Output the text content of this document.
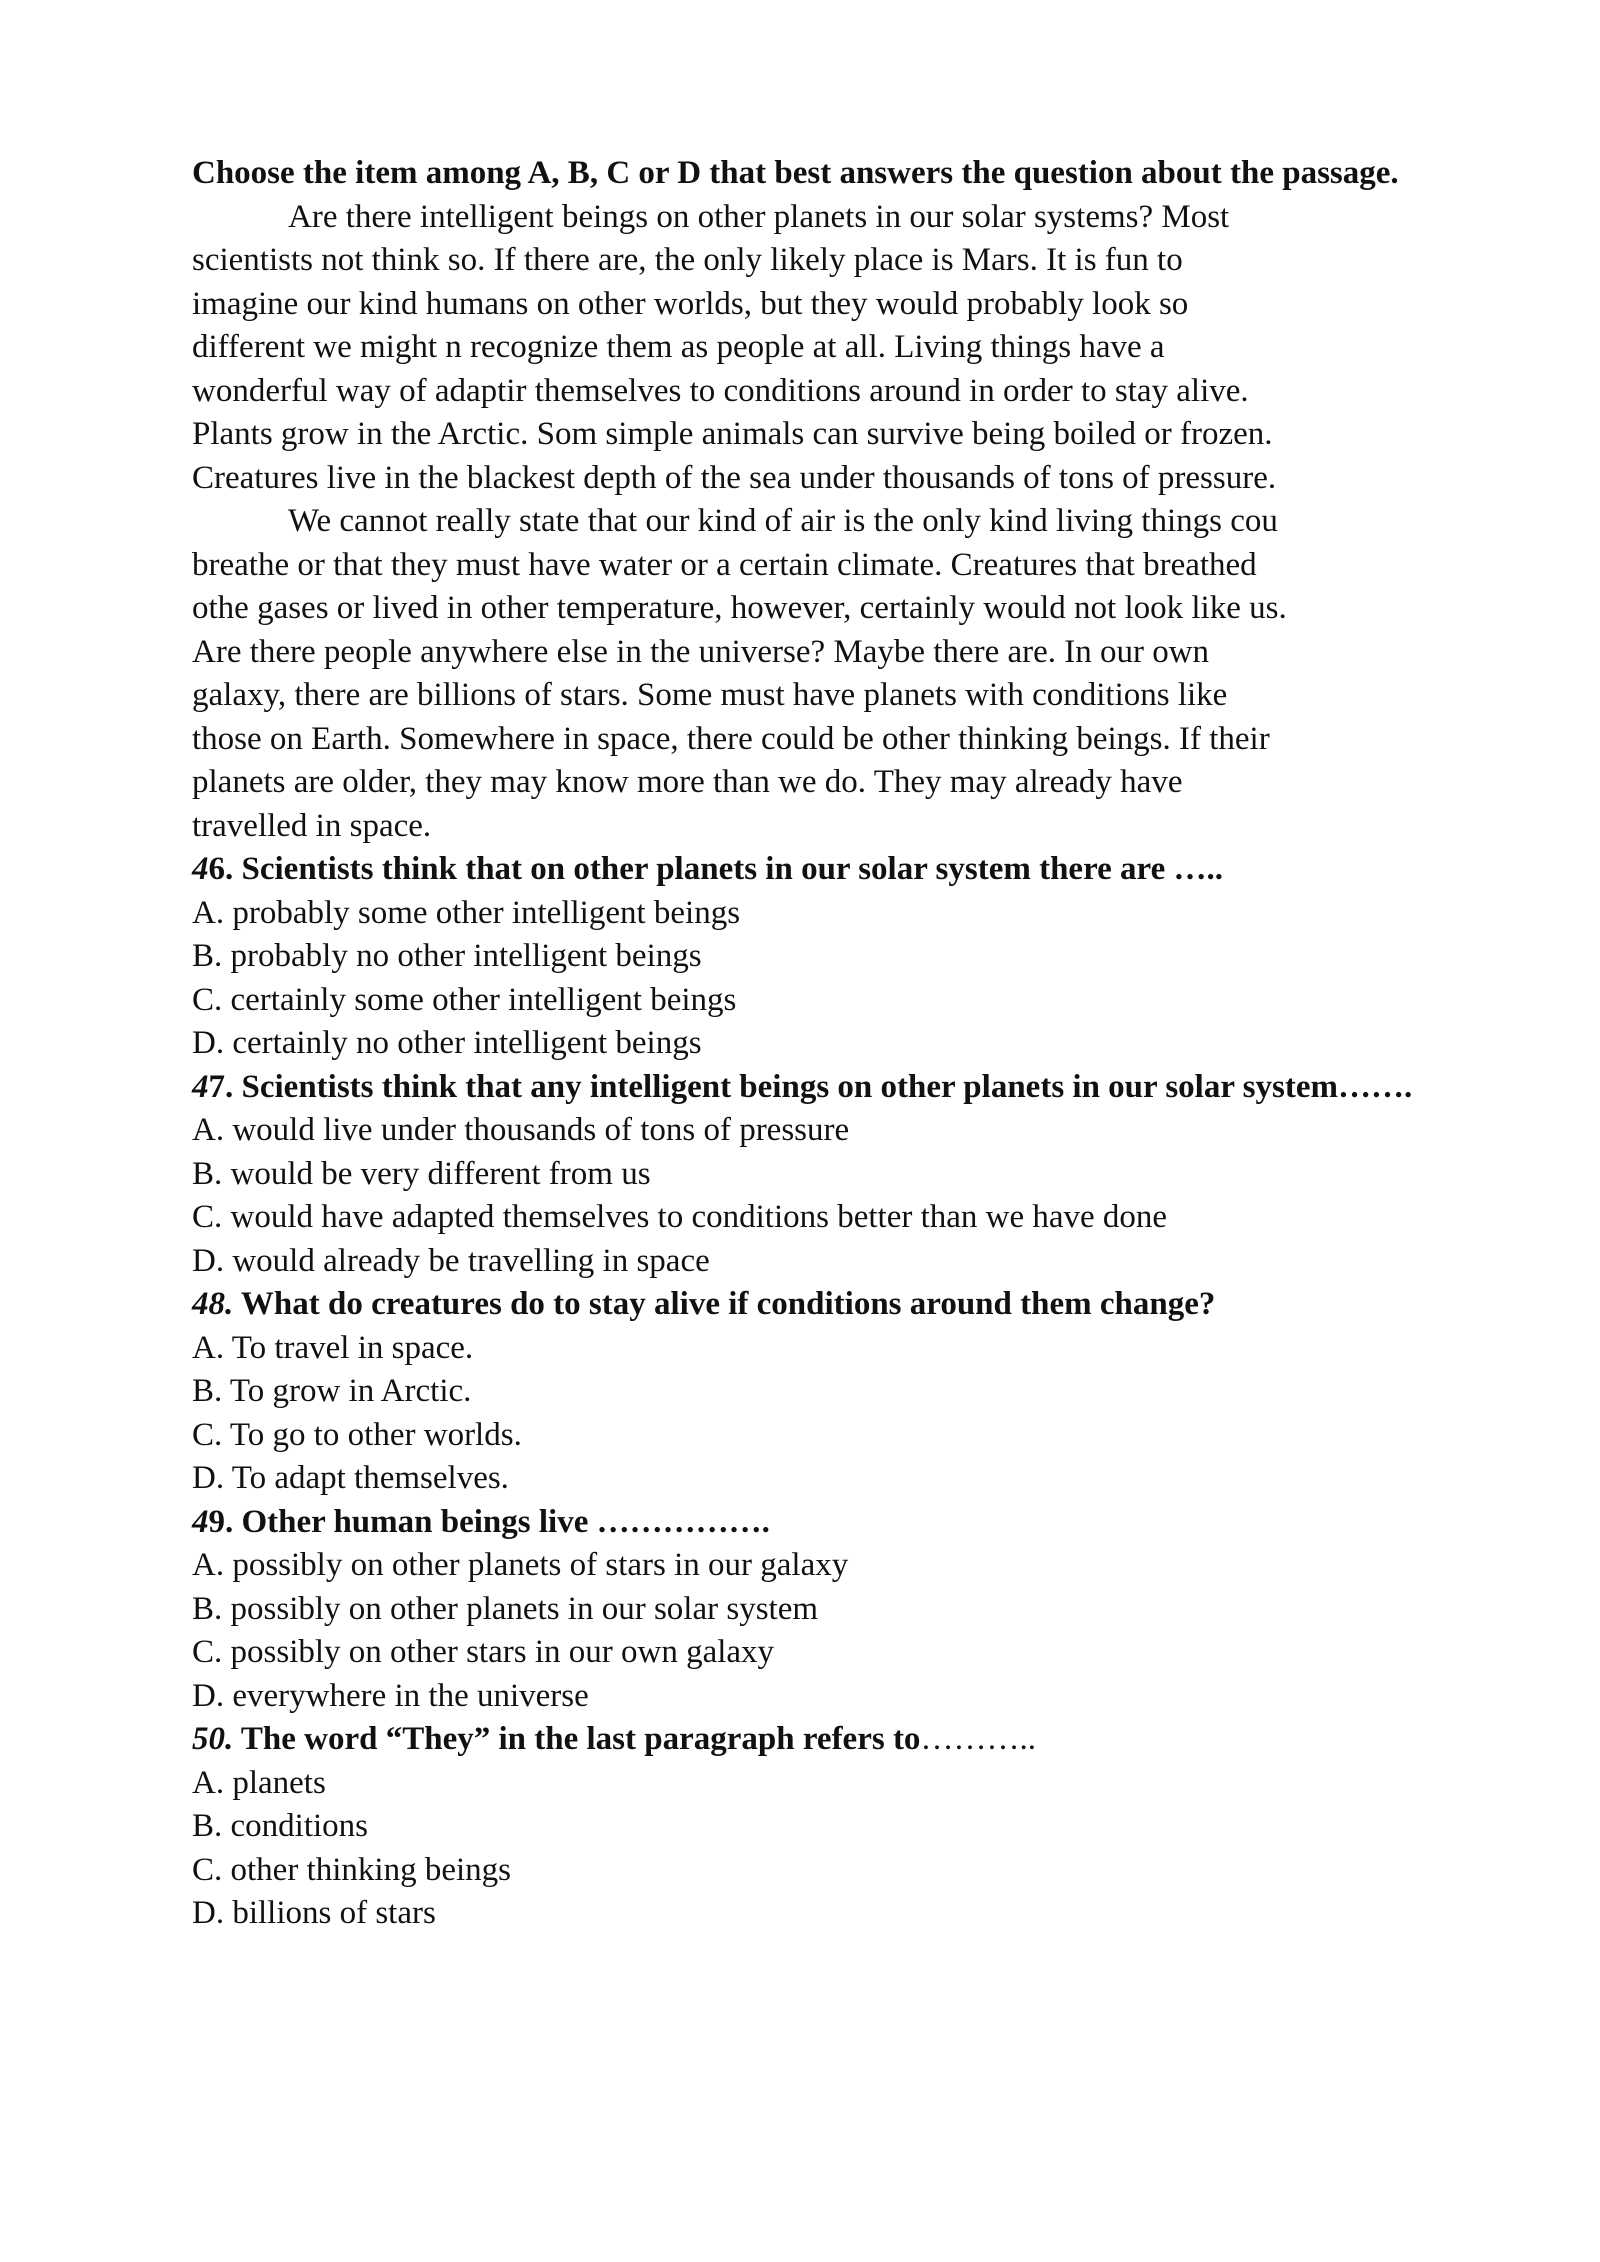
Choose the item among A, B, C or D that best answers the question about the passage.

Are there intelligent beings on other planets in our solar systems? Most
scientists not think so. If there are, the only likely place is Mars. It is fun to
imagine our kind humans on other worlds, but they would probably look so
different we might n recognize them as people at all. Living things have a
wonderful way of adaptir themselves to conditions around in order to stay alive.
Plants grow in the Arctic. Som simple animals can survive being boiled or frozen.
Creatures live in the blackest depth of the sea under thousands of tons of pressure.

We cannot really state that our kind of air is the only kind living things cou
breathe or that they must have water or a certain climate. Creatures that breathed
othe gases or lived in other temperature, however, certainly would not look like us.
Are there people anywhere else in the universe? Maybe there are. In our own
galaxy, there are billions of stars. Some must have planets with conditions like
those on Earth. Somewhere in space, there could be other thinking beings. If their
planets are older, they may know more than we do. They may already have
travelled in space.

46. Scientists think that on other planets in our solar system there are …..
A. probably some other intelligent beings
B. probably no other intelligent beings
C. certainly some other intelligent beings
D. certainly no other intelligent beings
47. Scientists think that any intelligent beings on other planets in our solar system…….
A. would live under thousands of tons of pressure
B. would be very different from us
C. would have adapted themselves to conditions better than we have done
D. would already be travelling in space
48. What do creatures do to stay alive if conditions around them change?
A. To travel in space.
B. To grow in Arctic.
C. To go to other worlds.
D. To adapt themselves.
49. Other human beings live …………….
A. possibly on other planets of stars in our galaxy
B. possibly on other planets in our solar system
C. possibly on other stars in our own galaxy
D. everywhere in the universe
50. The word “They” in the last paragraph refers to………..
A. planets
B. conditions
C. other thinking beings
D. billions of stars
